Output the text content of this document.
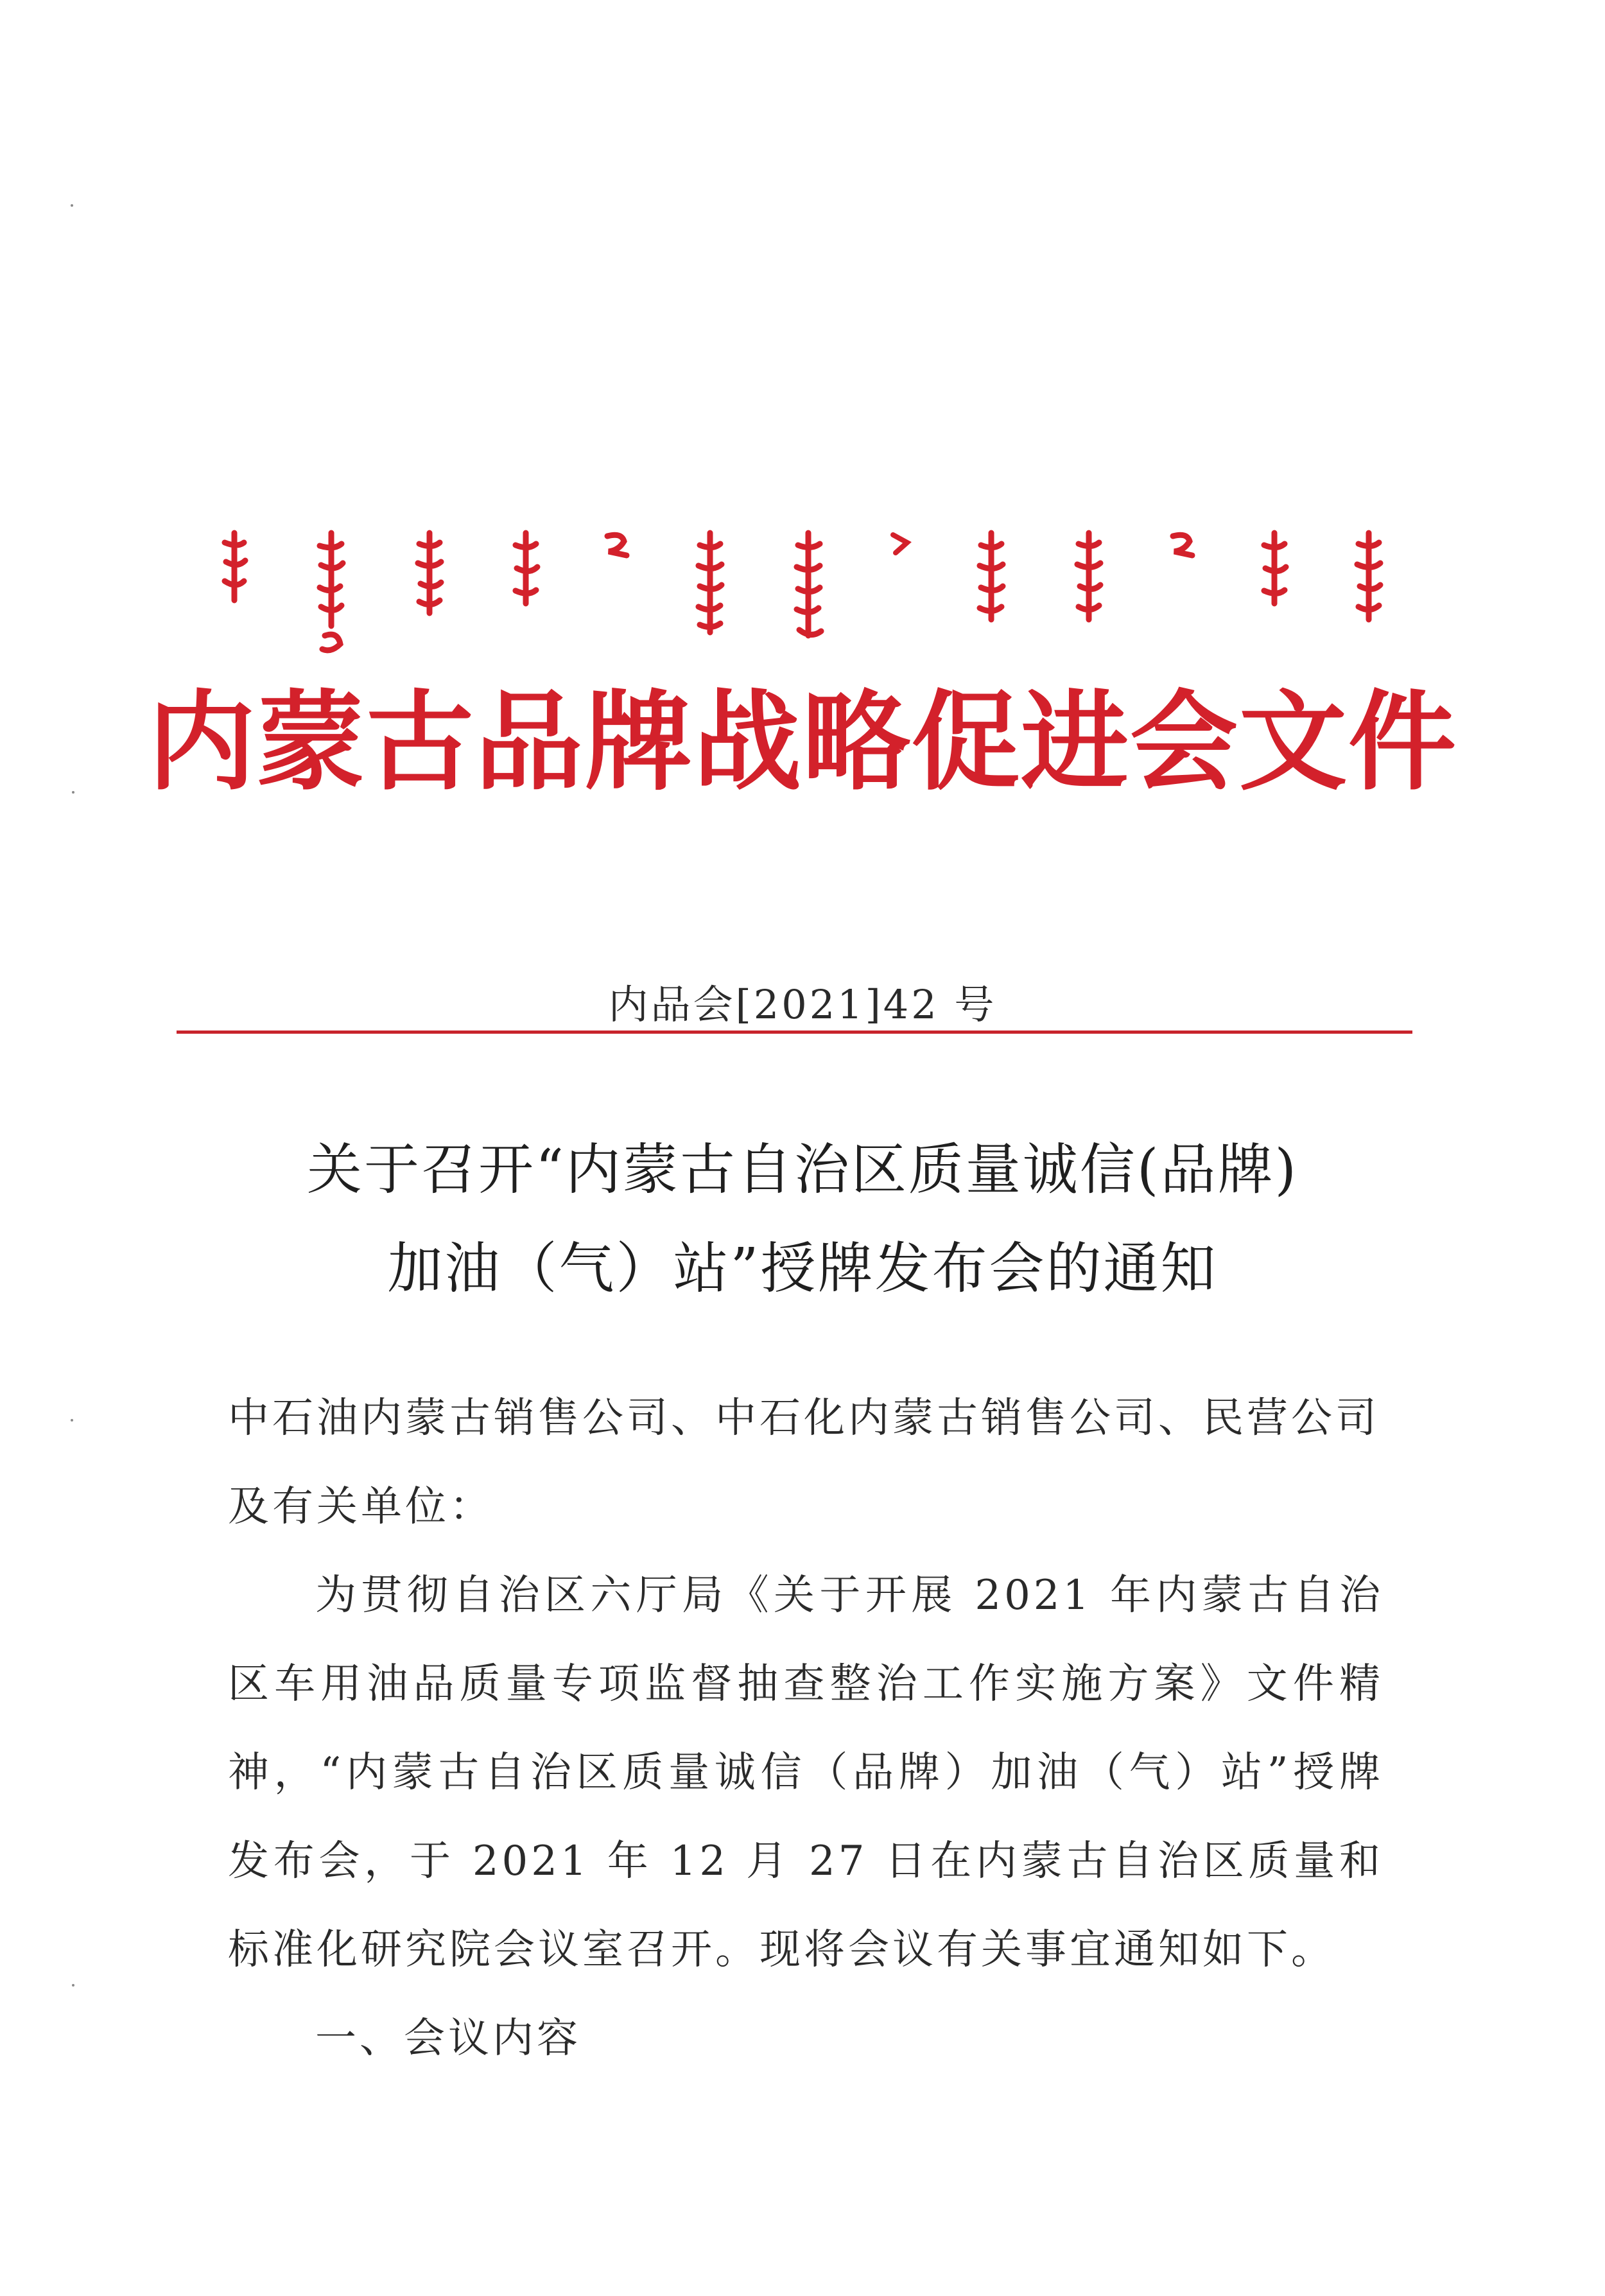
内蒙古品牌战略促进会文件
内品会[2021]42 号
关于召开“内蒙古自治区质量诚信(品牌)
加油（气）站”授牌发布会的通知

中石油内蒙古销售公司、中石化内蒙古销售公司、民营公司

及有关单位：

为贯彻自治区六厅局《关于开展 2021 年内蒙古自治区车用油品质量专项监督抽查整治工作实施方案》文件精神，“内蒙古自治区质量诚信（品牌）加油（气）站”授牌发布会，于 2021 年 12 月 27 日在内蒙古自治区质量和标准化研究院会议室召开。现将会议有关事宜通知如下。

一、会议内容
